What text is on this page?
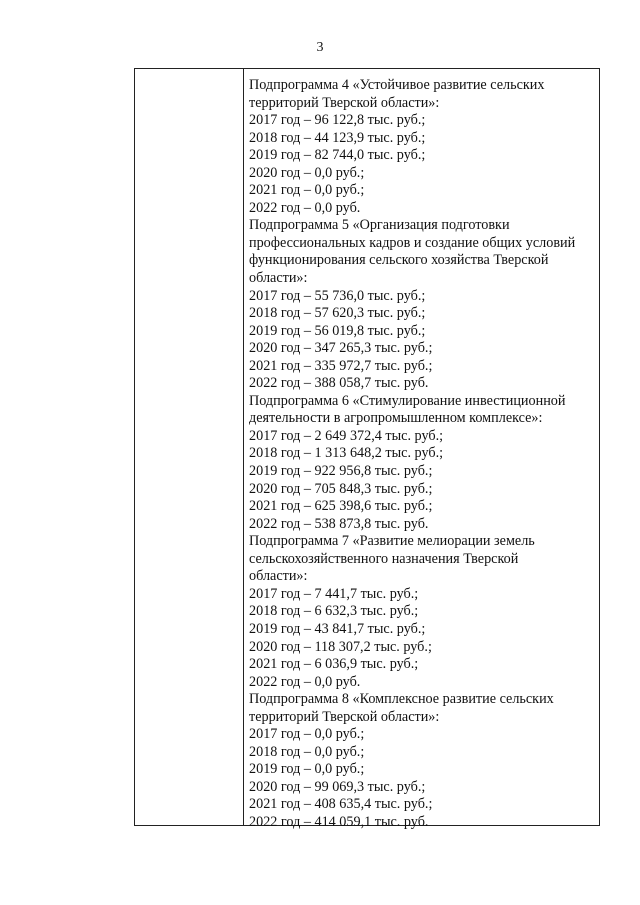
3
Подпрограмма 4 «Устойчивое развитие сельских
территорий Тверской области»:
2017 год – 96 122,8 тыс. руб.;
2018 год – 44 123,9 тыс. руб.;
2019 год – 82 744,0 тыс. руб.;
2020 год – 0,0 руб.;
2021 год – 0,0 руб.;
2022 год – 0,0 руб.
Подпрограмма 5 «Организация подготовки
профессиональных кадров и создание общих условий
функционирования сельского хозяйства Тверской
области»:
2017 год – 55 736,0 тыс. руб.;
2018 год – 57 620,3 тыс. руб.;
2019 год – 56 019,8 тыс. руб.;
2020 год – 347 265,3 тыс. руб.;
2021 год – 335 972,7 тыс. руб.;
2022 год – 388 058,7 тыс. руб.
Подпрограмма 6 «Стимулирование инвестиционной
деятельности в агропромышленном комплексе»:
2017 год – 2 649 372,4 тыс. руб.;
2018 год – 1 313 648,2 тыс. руб.;
2019 год – 922 956,8 тыс. руб.;
2020 год – 705 848,3 тыс. руб.;
2021 год – 625 398,6 тыс. руб.;
2022 год – 538 873,8 тыс. руб.
Подпрограмма 7 «Развитие мелиорации земель
сельскохозяйственного назначения Тверской
области»:
2017 год – 7 441,7 тыс. руб.;
2018 год – 6 632,3 тыс. руб.;
2019 год – 43 841,7 тыс. руб.;
2020 год – 118 307,2 тыс. руб.;
2021 год – 6 036,9 тыс. руб.;
2022 год – 0,0 руб.
Подпрограмма 8 «Комплексное развитие сельских
территорий Тверской области»:
2017 год – 0,0 руб.;
2018 год – 0,0 руб.;
2019 год – 0,0 руб.;
2020 год – 99 069,3 тыс. руб.;
2021 год – 408 635,4 тыс. руб.;
2022 год – 414 059,1 тыс. руб.
